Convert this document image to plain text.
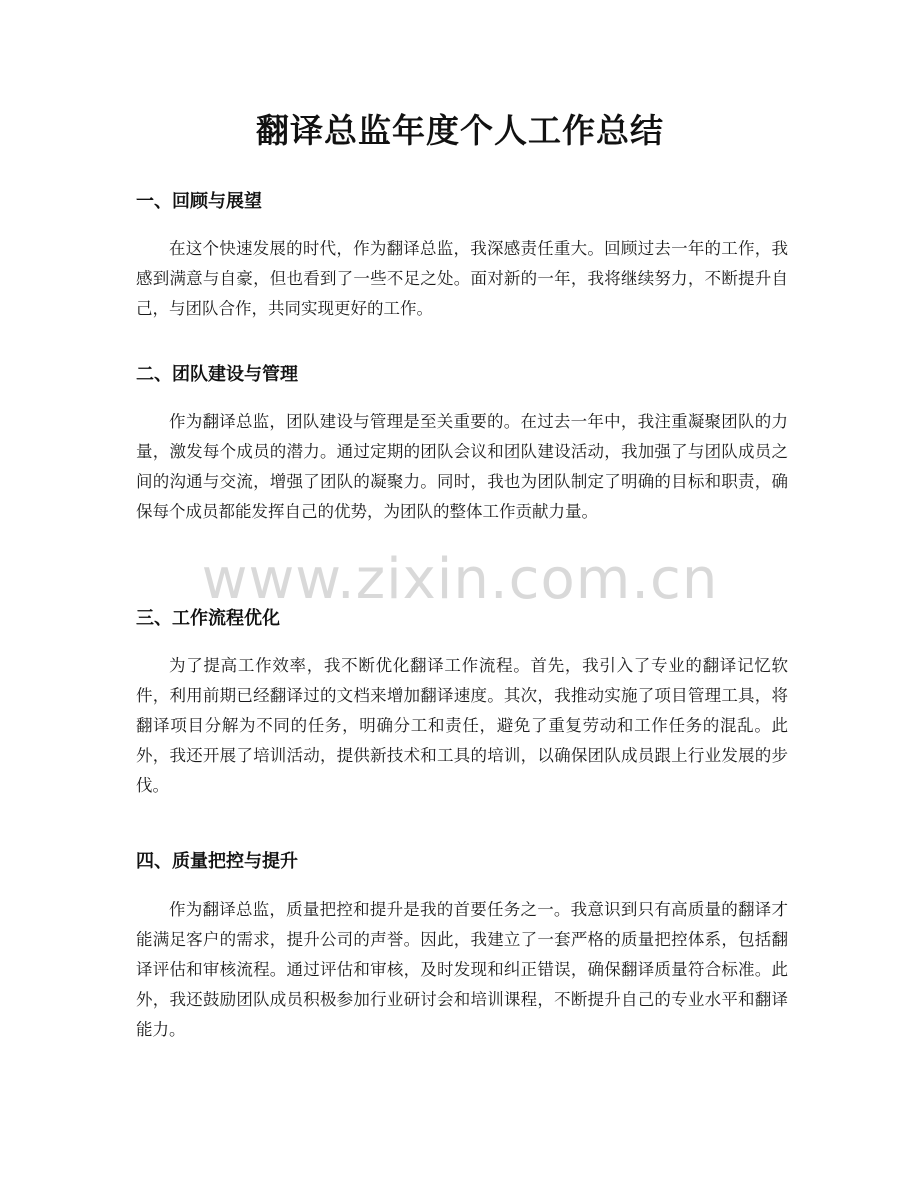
翻译总监年度个人工作总结
一、回顾与展望

在这个快速发展的时代，作为翻译总监，我深感责任重大。回顾过去一年的工作，我感到满意与自豪，但也看到了一些不足之处。面对新的一年，我将继续努力，不断提升自己，与团队合作，共同实现更好的工作。

二、团队建设与管理

作为翻译总监，团队建设与管理是至关重要的。在过去一年中，我注重凝聚团队的力量，激发每个成员的潜力。通过定期的团队会议和团队建设活动，我加强了与团队成员之间的沟通与交流，增强了团队的凝聚力。同时，我也为团队制定了明确的目标和职责，确保每个成员都能发挥自己的优势，为团队的整体工作贡献力量。

三、工作流程优化

为了提高工作效率，我不断优化翻译工作流程。首先，我引入了专业的翻译记忆软件，利用前期已经翻译过的文档来增加翻译速度。其次，我推动实施了项目管理工具，将翻译项目分解为不同的任务，明确分工和责任，避免了重复劳动和工作任务的混乱。此外，我还开展了培训活动，提供新技术和工具的培训，以确保团队成员跟上行业发展的步伐。

四、质量把控与提升

作为翻译总监，质量把控和提升是我的首要任务之一。我意识到只有高质量的翻译才能满足客户的需求，提升公司的声誉。因此，我建立了一套严格的质量把控体系，包括翻译评估和审核流程。通过评估和审核，及时发现和纠正错误，确保翻译质量符合标准。此外，我还鼓励团队成员积极参加行业研讨会和培训课程，不断提升自己的专业水平和翻译能力。

www.zixin.com.cn
